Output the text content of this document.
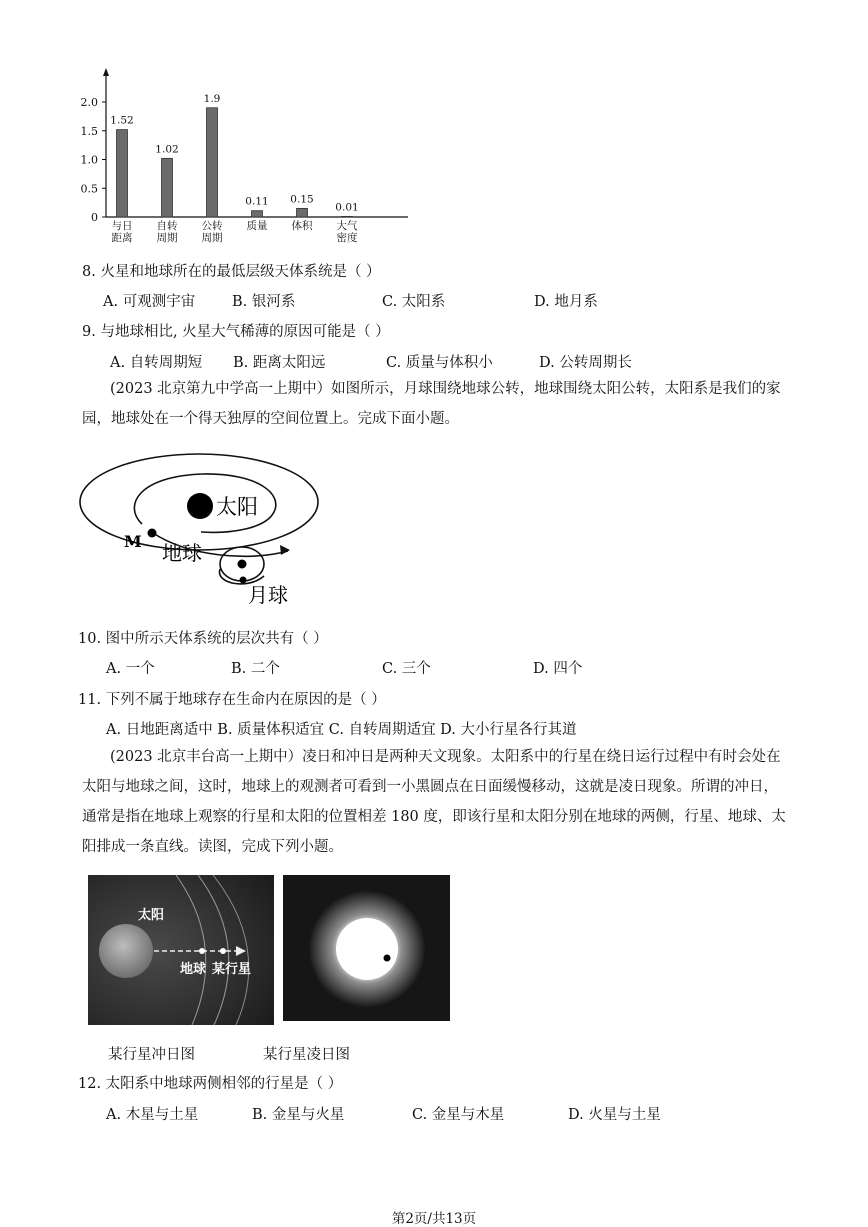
2.0
1.5
1.0
0.5
0
1.52
与日
距离
1.02
自转
周期
1.9
公转
周期
0.11
质量
0.15
体积
0.01
大气
密度
8. 火星和地球所在的最低层级天体系统是（ ）
A. 可观测宇宙	B. 银河系	C. 太阳系	D. 地月系
9. 与地球相比, 火星大气稀薄的原因可能是（ ）
A. 自转周期短 B. 距离太阳远	C. 质量与体积小	D. 公转周期长
(2023 北京第九中学高一上期中）如图所示，月球围绕地球公转，地球围绕太阳公转，太阳系是我们的家园，地球处在一个得天独厚的空间位置上。完成下面小题。
太阳
M 地球
月球
10. 图中所示天体系统的层次共有（ ）
A. 一个	B. 二个	C. 三个	D. 四个
11. 下列不属于地球存在生命内在原因的是（ ）
A. 日地距离适中 B. 质量体积适宜 C. 自转周期适宜 D. 大小行星各行其道
(2023 北京丰台高一上期中）凌日和冲日是两种天文现象。太阳系中的行星在绕日运行过程中有时会处在太阳与地球之间，这时，地球上的观测者可看到一小黑圆点在日面缓慢移动，这就是凌日现象。所谓的冲日，通常是指在地球上观察的行星和太阳的位置相差 180 度，即该行星和太阳分别在地球的两侧，行星、地球、太阳排成一条直线。读图，完成下列小题。
太阳
地球 某行星
某行星冲日图	某行星凌日图
12. 太阳系中地球两侧相邻的行星是（ ）
A. 木星与土星	B. 金星与火星	C. 金星与木星	D. 火星与土星
第2页/共13页
